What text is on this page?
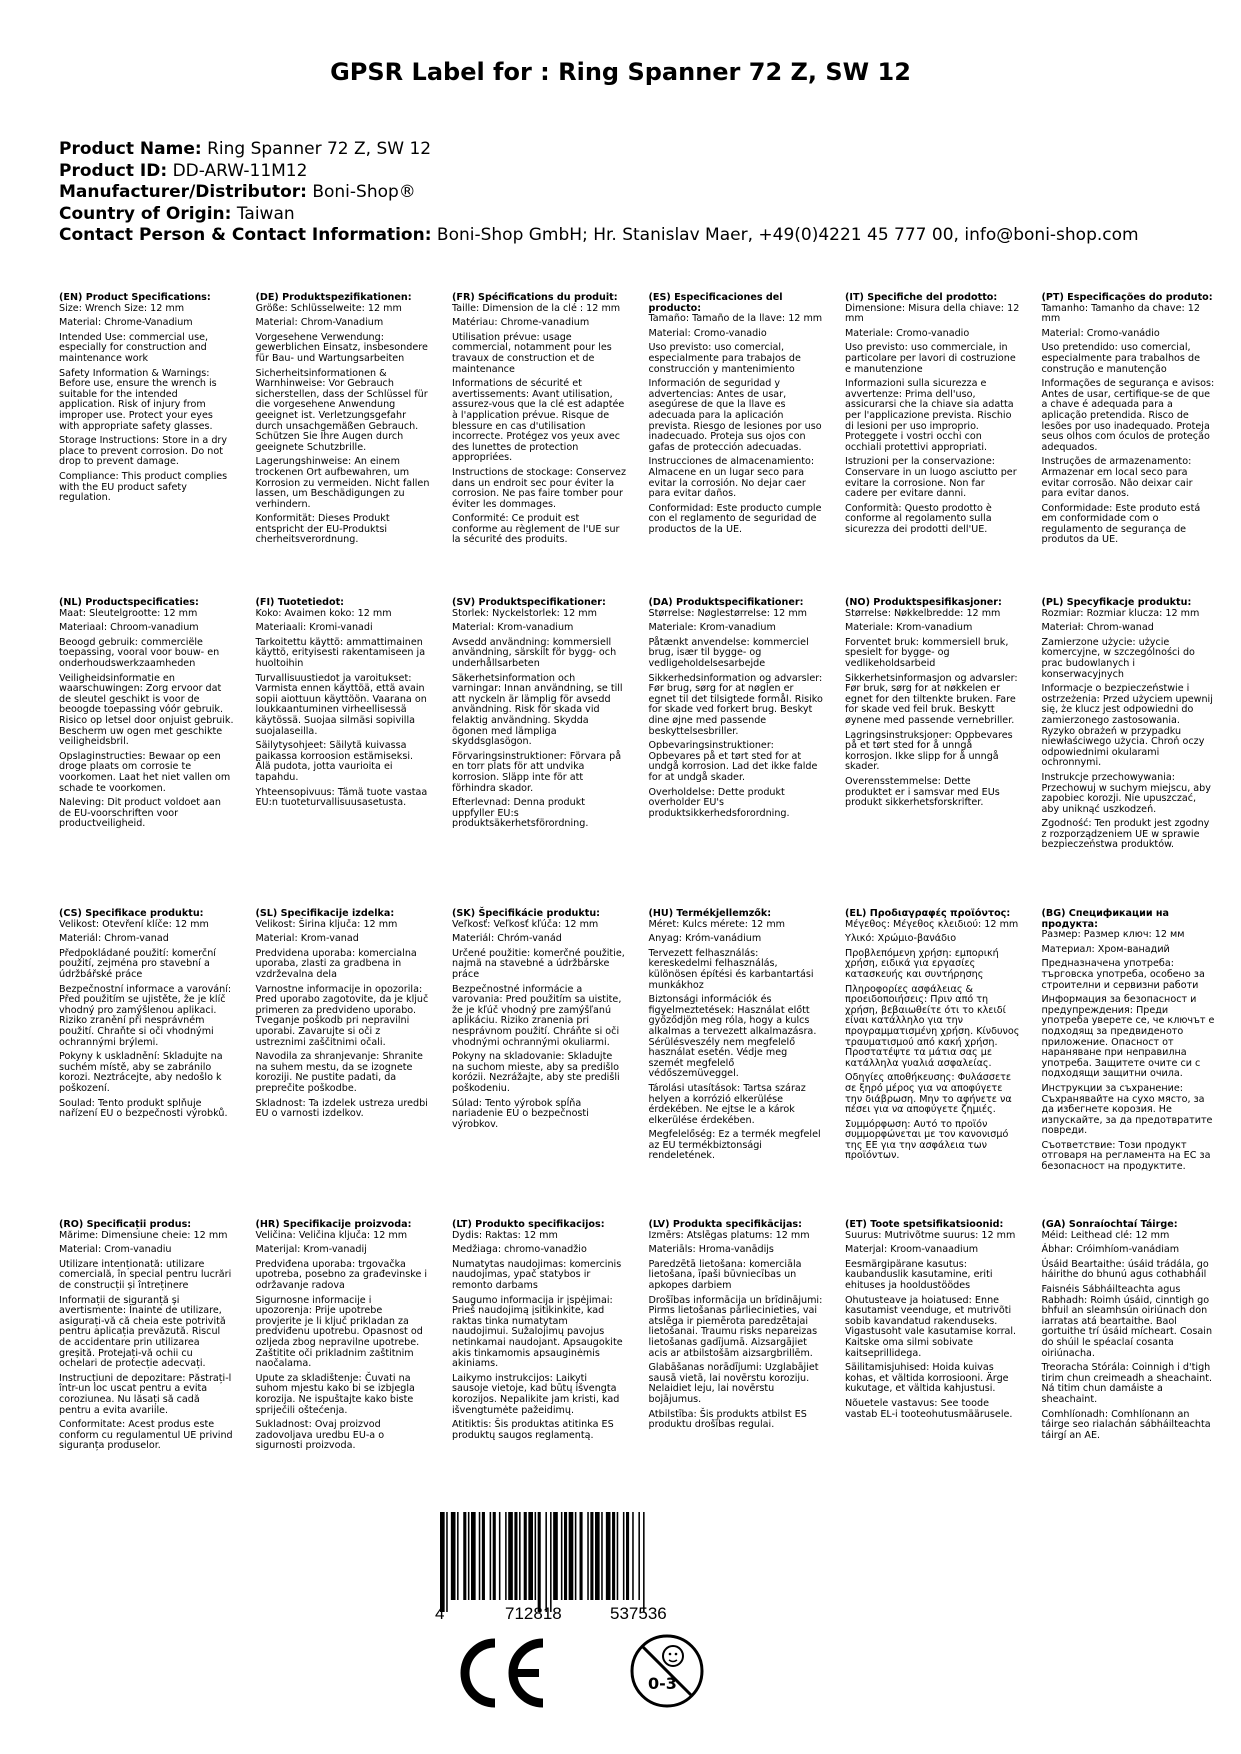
GPSR Label for : Ring Spanner 72 Z, SW 12
Product Name: Ring Spanner 72 Z, SW 12
Product ID: DD-ARW-11M12
Manufacturer/Distributor: Boni-Shop®
Country of Origin: Taiwan
Contact Person & Contact Information: Boni-Shop GmbH; Hr. Stanislav Maer, +49(0)4221 45 777 00, info@boni-shop.com
(EN) Product Specifications:

Size: Wrench Size: 12 mm

Material: Chrome-Vanadium

Intended Use: commercial use, especially for construction and maintenance work

Safety Information & Warnings: Before use, ensure the wrench is suitable for the intended application. Risk of injury from improper use. Protect your eyes with appropriate safety glasses.

Storage Instructions: Store in a dry place to prevent corrosion. Do not drop to prevent damage.

Compliance: This product complies with the EU product safety regulation.

(DE) Produktspezifikationen:

Größe: Schlüsselweite: 12 mm

Material: Chrom-Vanadium

Vorgesehene Verwendung: gewerblichen Einsatz, insbesondere für Bau- und Wartungsarbeiten

Sicherheitsinformationen & Warnhinweise: Vor Gebrauch sicherstellen, dass der Schlüssel für die vorgesehene Anwendung geeignet ist. Verletzungsgefahr durch unsachgemäßen Gebrauch. Schützen Sie Ihre Augen durch geeignete Schutzbrille.

Lagerungshinweise: An einem trockenen Ort aufbewahren, um Korrosion zu vermeiden. Nicht fallen lassen, um Beschädigungen zu verhindern.

Konformität: Dieses Produkt entspricht der EU-Produktsi cherheitsverordnung.

(FR) Spécifications du produit:

Taille: Dimension de la clé : 12 mm

Matériau: Chrome-vanadium

Utilisation prévue: usage commercial, notamment pour les travaux de construction et de maintenance

Informations de sécurité et avertissements: Avant utilisation, assurez-vous que la clé est adaptée à l'application prévue. Risque de blessure en cas d'utilisation incorrecte. Protégez vos yeux avec des lunettes de protection appropriées.

Instructions de stockage: Conservez dans un endroit sec pour éviter la corrosion. Ne pas faire tomber pour éviter les dommages.

Conformité: Ce produit est conforme au règlement de l'UE sur la sécurité des produits.

(ES) Especificaciones del producto:

Tamaño: Tamaño de la llave: 12 mm

Material: Cromo-vanadio

Uso previsto: uso comercial, especialmente para trabajos de construcción y mantenimiento

Información de seguridad y advertencias: Antes de usar, asegúrese de que la llave es adecuada para la aplicación prevista. Riesgo de lesiones por uso inadecuado. Proteja sus ojos con gafas de protección adecuadas.

Instrucciones de almacenamiento: Almacene en un lugar seco para evitar la corrosión. No dejar caer para evitar daños.

Conformidad: Este producto cumple con el reglamento de seguridad de productos de la UE.

(IT) Specifiche del prodotto:

Dimensione: Misura della chiave: 12 mm

Materiale: Cromo-vanadio

Uso previsto: uso commerciale, in particolare per lavori di costruzione e manutenzione

Informazioni sulla sicurezza e avvertenze: Prima dell'uso, assicurarsi che la chiave sia adatta per l'applicazione prevista. Rischio di lesioni per uso improprio. Proteggete i vostri occhi con occhiali protettivi appropriati.

Istruzioni per la conservazione: Conservare in un luogo asciutto per evitare la corrosione. Non far cadere per evitare danni.

Conformità: Questo prodotto è conforme al regolamento sulla sicurezza dei prodotti dell'UE.

(PT) Especificações do produto:

Tamanho: Tamanho da chave: 12 mm

Material: Cromo-vanádio

Uso pretendido: uso comercial, especialmente para trabalhos de construção e manutenção

Informações de segurança e avisos: Antes de usar, certifique-se de que a chave é adequada para a aplicação pretendida. Risco de lesões por uso inadequado. Proteja seus olhos com óculos de proteção adequados.

Instruções de armazenamento: Armazenar em local seco para evitar corrosão. Não deixar cair para evitar danos.

Conformidade: Este produto está em conformidade com o regulamento de segurança de produtos da UE.

(NL) Productspecificaties:

Maat: Sleutelgrootte: 12 mm

Materiaal: Chroom-vanadium

Beoogd gebruik: commerciële toepassing, vooral voor bouw- en onderhoudswerkzaamheden

Veiligheidsinformatie en waarschuwingen: Zorg ervoor dat de sleutel geschikt is voor de beoogde toepassing vóór gebruik. Risico op letsel door onjuist gebruik. Bescherm uw ogen met geschikte veiligheidsbril.

Opslaginstructies: Bewaar op een droge plaats om corrosie te voorkomen. Laat het niet vallen om schade te voorkomen.

Naleving: Dit product voldoet aan de EU-voorschriften voor productveiligheid.

(FI) Tuotetiedot:

Koko: Avaimen koko: 12 mm

Materiaali: Kromi-vanadi

Tarkoitettu käyttö: ammattimainen käyttö, erityisesti rakentamiseen ja huoltoihin

Turvallisuustiedot ja varoitukset: Varmista ennen käyttöä, että avain sopii aiottuun käyttöön. Vaarana on loukkaantuminen virheellisessä käytössä. Suojaa silmäsi sopivilla suojalaseilla.

Säilytysohjeet: Säilytä kuivassa paikassa korroosion estämiseksi. Älä pudota, jotta vaurioita ei tapahdu.

Yhteensopivuus: Tämä tuote vastaa EU:n tuoteturvallisuusasetusta.

(SV) Produktspecifikationer:

Storlek: Nyckelstorlek: 12 mm

Material: Krom-vanadium

Avsedd användning: kommersiell användning, särskilt för bygg- och underhållsarbeten

Säkerhetsinformation och varningar: Innan användning, se till att nyckeln är lämplig för avsedd användning. Risk för skada vid felaktig användning. Skydda ögonen med lämpliga skyddsglasögon.

Förvaringsinstruktioner: Förvara på en torr plats för att undvika korrosion. Släpp inte för att förhindra skador.

Efterlevnad: Denna produkt uppfyller EU:s produktsäkerhetsförordning.

(DA) Produktspecifikationer:

Størrelse: Nøglestørrelse: 12 mm

Materiale: Krom-vanadium

Påtænkt anvendelse: kommerciel brug, især til bygge- og vedligeholdelsesarbejde

Sikkerhedsinformation og advarsler: Før brug, sørg for at nøglen er egnet til det tilsigtede formål. Risiko for skade ved forkert brug. Beskyt dine øjne med passende beskyttelsesbriller.

Opbevaringsinstruktioner: Opbevares på et tørt sted for at undgå korrosion. Lad det ikke falde for at undgå skader.

Overholdelse: Dette produkt overholder EU's produktsikkerhedsforordning.

(NO) Produktspesifikasjoner:

Størrelse: Nøkkelbredde: 12 mm

Materiale: Krom-vanadium

Forventet bruk: kommersiell bruk, spesielt for bygge- og vedlikeholdsarbeid

Sikkerhetsinformasjon og advarsler: Før bruk, sørg for at nøkkelen er egnet for den tiltenkte bruken. Fare for skade ved feil bruk. Beskytt øynene med passende vernebriller.

Lagringsinstruksjoner: Oppbevares på et tørt sted for å unngå korrosjon. Ikke slipp for å unngå skader.

Overensstemmelse: Dette produktet er i samsvar med EUs produkt sikkerhetsforskrifter.

(PL) Specyfikacje produktu:

Rozmiar: Rozmiar klucza: 12 mm

Materiał: Chrom-wanad

Zamierzone użycie: użycie komercyjne, w szczególności do prac budowlanych i konserwacyjnych

Informacje o bezpieczeństwie i ostrzeżenia: Przed użyciem upewnij się, że klucz jest odpowiedni do zamierzonego zastosowania. Ryzyko obrażeń w przypadku niewłaściwego użycia. Chroń oczy odpowiednimi okularami ochronnymi.

Instrukcje przechowywania: Przechowuj w suchym miejscu, aby zapobiec korozji. Nie upuszczać, aby uniknąć uszkodzeń.

Zgodność: Ten produkt jest zgodny z rozporządzeniem UE w sprawie bezpieczeństwa produktów.

(CS) Specifikace produktu:

Velikost: Otevření klíče: 12 mm

Materiál: Chrom-vanad

Předpokládané použití: komerční použití, zejména pro stavební a údržbářské práce

Bezpečnostní informace a varování: Před použitím se ujistěte, že je klíč vhodný pro zamýšlenou aplikaci. Riziko zranění při nesprávném použití. Chraňte si oči vhodnými ochrannými brýlemi.

Pokyny k uskladnění: Skladujte na suchém místě, aby se zabránilo korozi. Neztrácejte, aby nedošlo k poškození.

Soulad: Tento produkt splňuje nařízení EU o bezpečnosti výrobků.

(SL) Specifikacije izdelka:

Velikost: Širina ključa: 12 mm

Material: Krom-vanad

Predvidena uporaba: komercialna uporaba, zlasti za gradbena in vzdrževalna dela

Varnostne informacije in opozorila: Pred uporabo zagotovite, da je ključ primeren za predvideno uporabo. Tveganje poškodb pri nepravilni uporabi. Zavarujte si oči z ustreznimi zaščitnimi očali.

Navodila za shranjevanje: Shranite na suhem mestu, da se izognete koroziji. Ne pustite padati, da preprečite poškodbe.

Skladnost: Ta izdelek ustreza uredbi EU o varnosti izdelkov.

(SK) Špecifikácie produktu:

Veľkosť: Veľkosť kľúča: 12 mm

Materiál: Chróm-vanád

Určené použitie: komerčné použitie, najmä na stavebné a údržbárske práce

Bezpečnostné informácie a varovania: Pred použitím sa uistite, že je kľúč vhodný pre zamýšľanú aplikáciu. Riziko zranenia pri nesprávnom použití. Chráňte si oči vhodnými ochrannými okuliarmi.

Pokyny na skladovanie: Skladujte na suchom mieste, aby sa predišlo korózii. Nezrážajte, aby ste predišli poškodeniu.

Súlad: Tento výrobok spĺňa nariadenie EÚ o bezpečnosti výrobkov.

(HU) Termékjellemzők:

Méret: Kulcs mérete: 12 mm

Anyag: Króm-vanádium

Tervezett felhasználás: kereskedelmi felhasználás, különösen építési és karbantartási munkákhoz

Biztonsági információk és figyelmeztetések: Használat előtt győződjön meg róla, hogy a kulcs alkalmas a tervezett alkalmazásra. Sérülésveszély nem megfelelő használat esetén. Védje meg szemét megfelelő védőszemüveggel.

Tárolási utasítások: Tartsa száraz helyen a korrózió elkerülése érdekében. Ne ejtse le a károk elkerülése érdekében.

Megfelelőség: Ez a termék megfelel az EU termékbiztonsági rendeletének.

(EL) Προδιαγραφές προϊόντος:

Μέγεθος: Μέγεθος κλειδιού: 12 mm

Υλικό: Χρώμιο-βανάδιο

Προβλεπόμενη χρήση: εμπορική χρήση, ειδικά για εργασίες κατασκευής και συντήρησης

Πληροφορίες ασφάλειας & προειδοποιήσεις: Πριν από τη χρήση, βεβαιωθείτε ότι το κλειδί είναι κατάλληλο για την προγραμματισμένη χρήση. Κίνδυνος τραυματισμού από κακή χρήση. Προστατέψτε τα μάτια σας με κατάλληλα γυαλιά ασφαλείας.

Οδηγίες αποθήκευσης: Φυλάσσετε σε ξηρό μέρος για να αποφύγετε την διάβρωση. Μην το αφήνετε να πέσει για να αποφύγετε ζημιές.

Συμμόρφωση: Αυτό το προϊόν συμμορφώνεται με τον κανονισμό της ΕΕ για την ασφάλεια των προϊόντων.

(BG) Спецификации на продукта:

Размер: Размер ключ: 12 мм

Материал: Хром-ванадий

Предназначена употреба: търговска употреба, особено за строителни и сервизни работи

Информация за безопасност и предупреждения: Преди употреба уверете се, че ключът е подходящ за предвиденото приложение. Опасност от нараняване при неправилна употреба. Защитете очите си с подходящи защитни очила.

Инструкции за съхранение: Съхранявайте на сухо място, за да избегнете корозия. Не изпускайте, за да предотвратите повреди.

Съответствие: Този продукт отговаря на регламента на ЕС за безопасност на продуктите.

(RO) Specificații produs:

Mărime: Dimensiune cheie: 12 mm

Material: Crom-vanadiu

Utilizare intenționată: utilizare comercială, în special pentru lucrări de construcții și întreținere

Informații de siguranță și avertismente: Înainte de utilizare, asigurați-vă că cheia este potrivită pentru aplicația prevăzută. Riscul de accidentare prin utilizarea greșită. Protejați-vă ochii cu ochelari de protecție adecvați.

Instrucțiuni de depozitare: Păstrați-l într-un loc uscat pentru a evita coroziunea. Nu lăsați să cadă pentru a evita avariile.

Conformitate: Acest produs este conform cu regulamentul UE privind siguranța produselor.

(HR) Specifikacije proizvoda:

Veličina: Veličina ključa: 12 mm

Materijal: Krom-vanadij

Predviđena uporaba: trgovačka upotreba, posebno za građevinske i održavanje radova

Sigurnosne informacije i upozorenja: Prije upotrebe provjerite je li ključ prikladan za predviđenu upotrebu. Opasnost od ozljeda zbog nepravilne upotrebe. Zaštitite oči prikladnim zaštitnim naočalama.

Upute za skladištenje: Čuvati na suhom mjestu kako bi se izbjegla korozija. Ne ispuštajte kako biste spriječili oštećenja.

Sukladnost: Ovaj proizvod zadovoljava uredbu EU-a o sigurnosti proizvoda.

(LT) Produkto specifikacijos:

Dydis: Raktas: 12 mm

Medžiaga: chromo-vanadžio

Numatytas naudojimas: komercinis naudojimas, ypač statybos ir remonto darbams

Saugumo informacija ir įspėjimai: Prieš naudojimą įsitikinkite, kad raktas tinka numatytam naudojimui. Sužalojimų pavojus netinkamai naudojant. Apsaugokite akis tinkamomis apsauginėmis akiniams.

Laikymo instrukcijos: Laikyti sausoje vietoje, kad būtų išvengta korozijos. Nepalikite jam kristi, kad išvengtumėte pažeidimų.

Atitiktis: Šis produktas atitinka ES produktų saugos reglamentą.

(LV) Produkta specifikācijas:

Izmērs: Atslēgas platums: 12 mm

Materiāls: Hroma-vanādijs

Paredzētā lietošana: komerciāla lietošana, īpaši būvniecības un apkopes darbiem

Drošības informācija un brīdinājumi: Pirms lietošanas pārliecinieties, vai atslēga ir piemērota paredzētajai lietošanai. Traumu risks nepareizas lietošanas gadījumā. Aizsargājiet acis ar atbilstošām aizsargbrillēm.

Glabāšanas norādījumi: Uzglabājiet sausā vietā, lai novērstu koroziju. Nelaidiet leju, lai novērstu bojājumus.

Atbilstība: Šis produkts atbilst ES produktu drošības regulai.

(ET) Toote spetsifikatsioonid:

Suurus: Mutrivõtme suurus: 12 mm

Materjal: Kroom-vanaadium

Eesmärgipärane kasutus: kaubanduslik kasutamine, eriti ehituses ja hooldustöödes

Ohutusteave ja hoiatused: Enne kasutamist veenduge, et mutrivõti sobib kavandatud rakenduseks. Vigastusoht vale kasutamise korral. Kaitske oma silmi sobivate kaitseprillidega.

Säilitamisjuhised: Hoida kuivas kohas, et vältida korrosiooni. Ärge kukutage, et vältida kahjustusi.

Nõuetele vastavus: See toode vastab EL-i tooteohutusmäärusele.

(GA) Sonraíochtaí Táirge:

Méid: Leithead clé: 12 mm

Ábhar: Cróimhíom-vanádiam

Úsáid Beartaithe: úsáid trádála, go háirithe do bhunú agus cothabháil

Faisnéis Sábháilteachta agus Rabhadh: Roimh úsáid, cinntigh go bhfuil an sleamhsún oiriúnach don iarratas atá beartaithe. Baol gortuithe trí úsáid mícheart. Cosain do shúil le spéaclaí cosanta oiriúnacha.

Treoracha Stórála: Coinnigh i d'tigh tirim chun creimeadh a sheachaint. Ná titim chun damáiste a sheachaint.

Comhlíonadh: Comhlíonann an táirge seo rialachán sábháilteachta táirgí an AE.

4	712818	537536
0-3
